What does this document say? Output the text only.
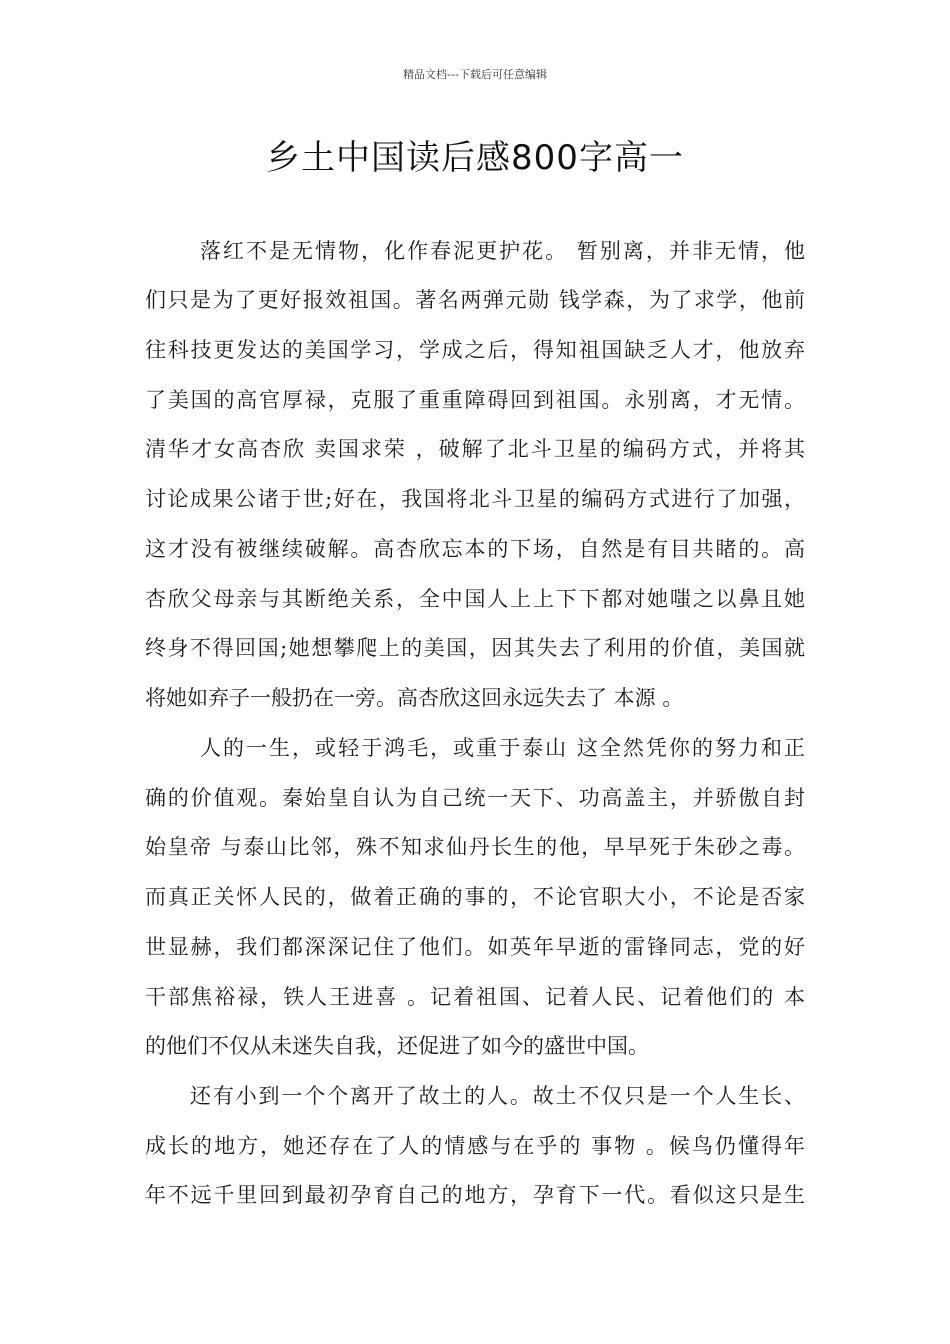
精品文档---下载后可任意编辑
乡土中国读后感800字高一
落红不是无情物，化作春泥更护花。 暂别离，并非无情，他
们只是为了更好报效祖国。著名两弹元勋 钱学森，为了求学，他前
往科技更发达的美国学习，学成之后，得知祖国缺乏人才，他放弃
了美国的高官厚禄，克服了重重障碍回到祖国。永别离，才无情。
清华才女高杏欣 卖国求荣 ，破解了北斗卫星的编码方式，并将其
讨论成果公诸于世;好在，我国将北斗卫星的编码方式进行了加强，
这才没有被继续破解。高杏欣忘本的下场，自然是有目共睹的。高
杏欣父母亲与其断绝关系，全中国人上上下下都对她嗤之以鼻且她
终身不得回国;她想攀爬上的美国，因其失去了利用的价值，美国就
将她如弃子一般扔在一旁。高杏欣这回永远失去了 本源 。
人的一生，或轻于鸿毛，或重于泰山 这全然凭你的努力和正
确的价值观。秦始皇自认为自己统一天下、功高盖主，并骄傲自封
始皇帝 与泰山比邻，殊不知求仙丹长生的他，早早死于朱砂之毒。
而真正关怀人民的，做着正确的事的，不论官职大小，不论是否家
世显赫，我们都深深记住了他们。如英年早逝的雷锋同志，党的好
干部焦裕禄，铁人王进喜 。记着祖国、记着人民、记着他们的 本
的他们不仅从未迷失自我，还促进了如今的盛世中国。
还有小到一个个离开了故土的人。故土不仅只是一个人生长、
成长的地方，她还存在了人的情感与在乎的 事物 。候鸟仍懂得年
年不远千里回到最初孕育自己的地方，孕育下一代。看似这只是生
